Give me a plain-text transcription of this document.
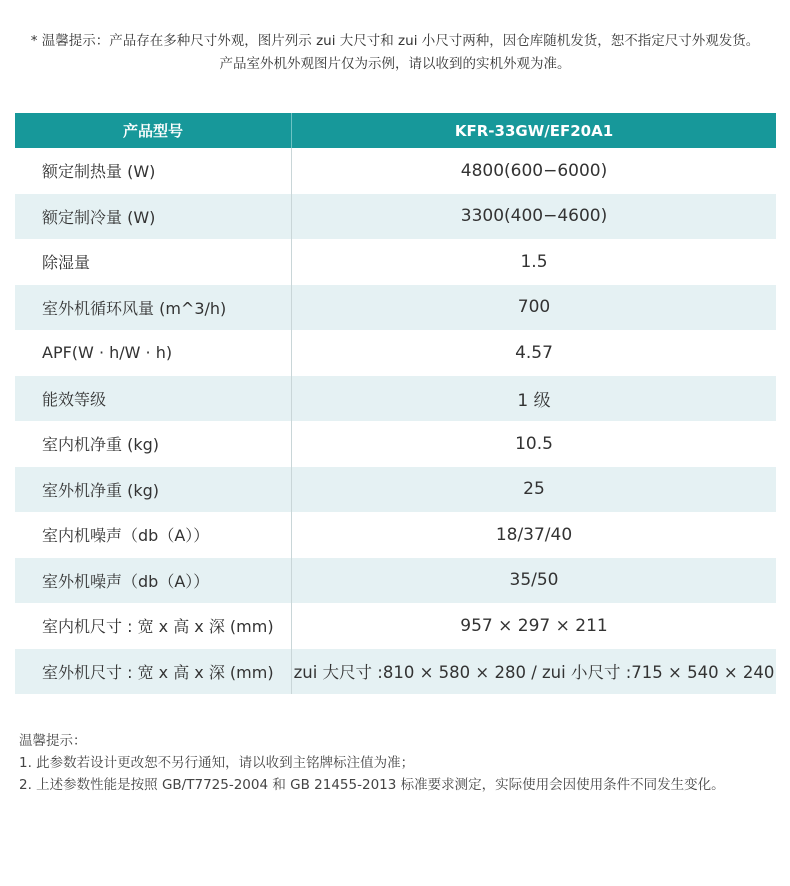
* 温馨提示：产品存在多种尺寸外观，图片列示 zui 大尺寸和 zui 小尺寸两种，因仓库随机发货，恕不指定尺寸外观发货。

产品室外机外观图片仅为示例，请以收到的实机外观为准。

产品型号	KFR-33GW/EF20A1
额定制热量 (W)	4800(600−6000)
额定制冷量 (W)	3300(400−4600)
除湿量	1.5
室外机循环风量 (m^3/h)	700
APF(W · h/W · h)	4.57
能效等级	1 级
室内机净重 (kg)	10.5
室外机净重 (kg)	25
室内机噪声（db（A））	18/37/40
室外机噪声（db（A））	35/50
室内机尺寸 : 宽 x 高 x 深 (mm)	957 × 297 × 211
室外机尺寸 : 宽 x 高 x 深 (mm)	zui 大尺寸 :810 × 580 × 280 / zui 小尺寸 :715 × 540 × 240

温馨提示：

1. 此参数若设计更改恕不另行通知，请以收到主铭牌标注值为准；

2. 上述参数性能是按照 GB/T7725-2004 和 GB 21455-2013 标准要求测定，实际使用会因使用条件不同发生变化。
